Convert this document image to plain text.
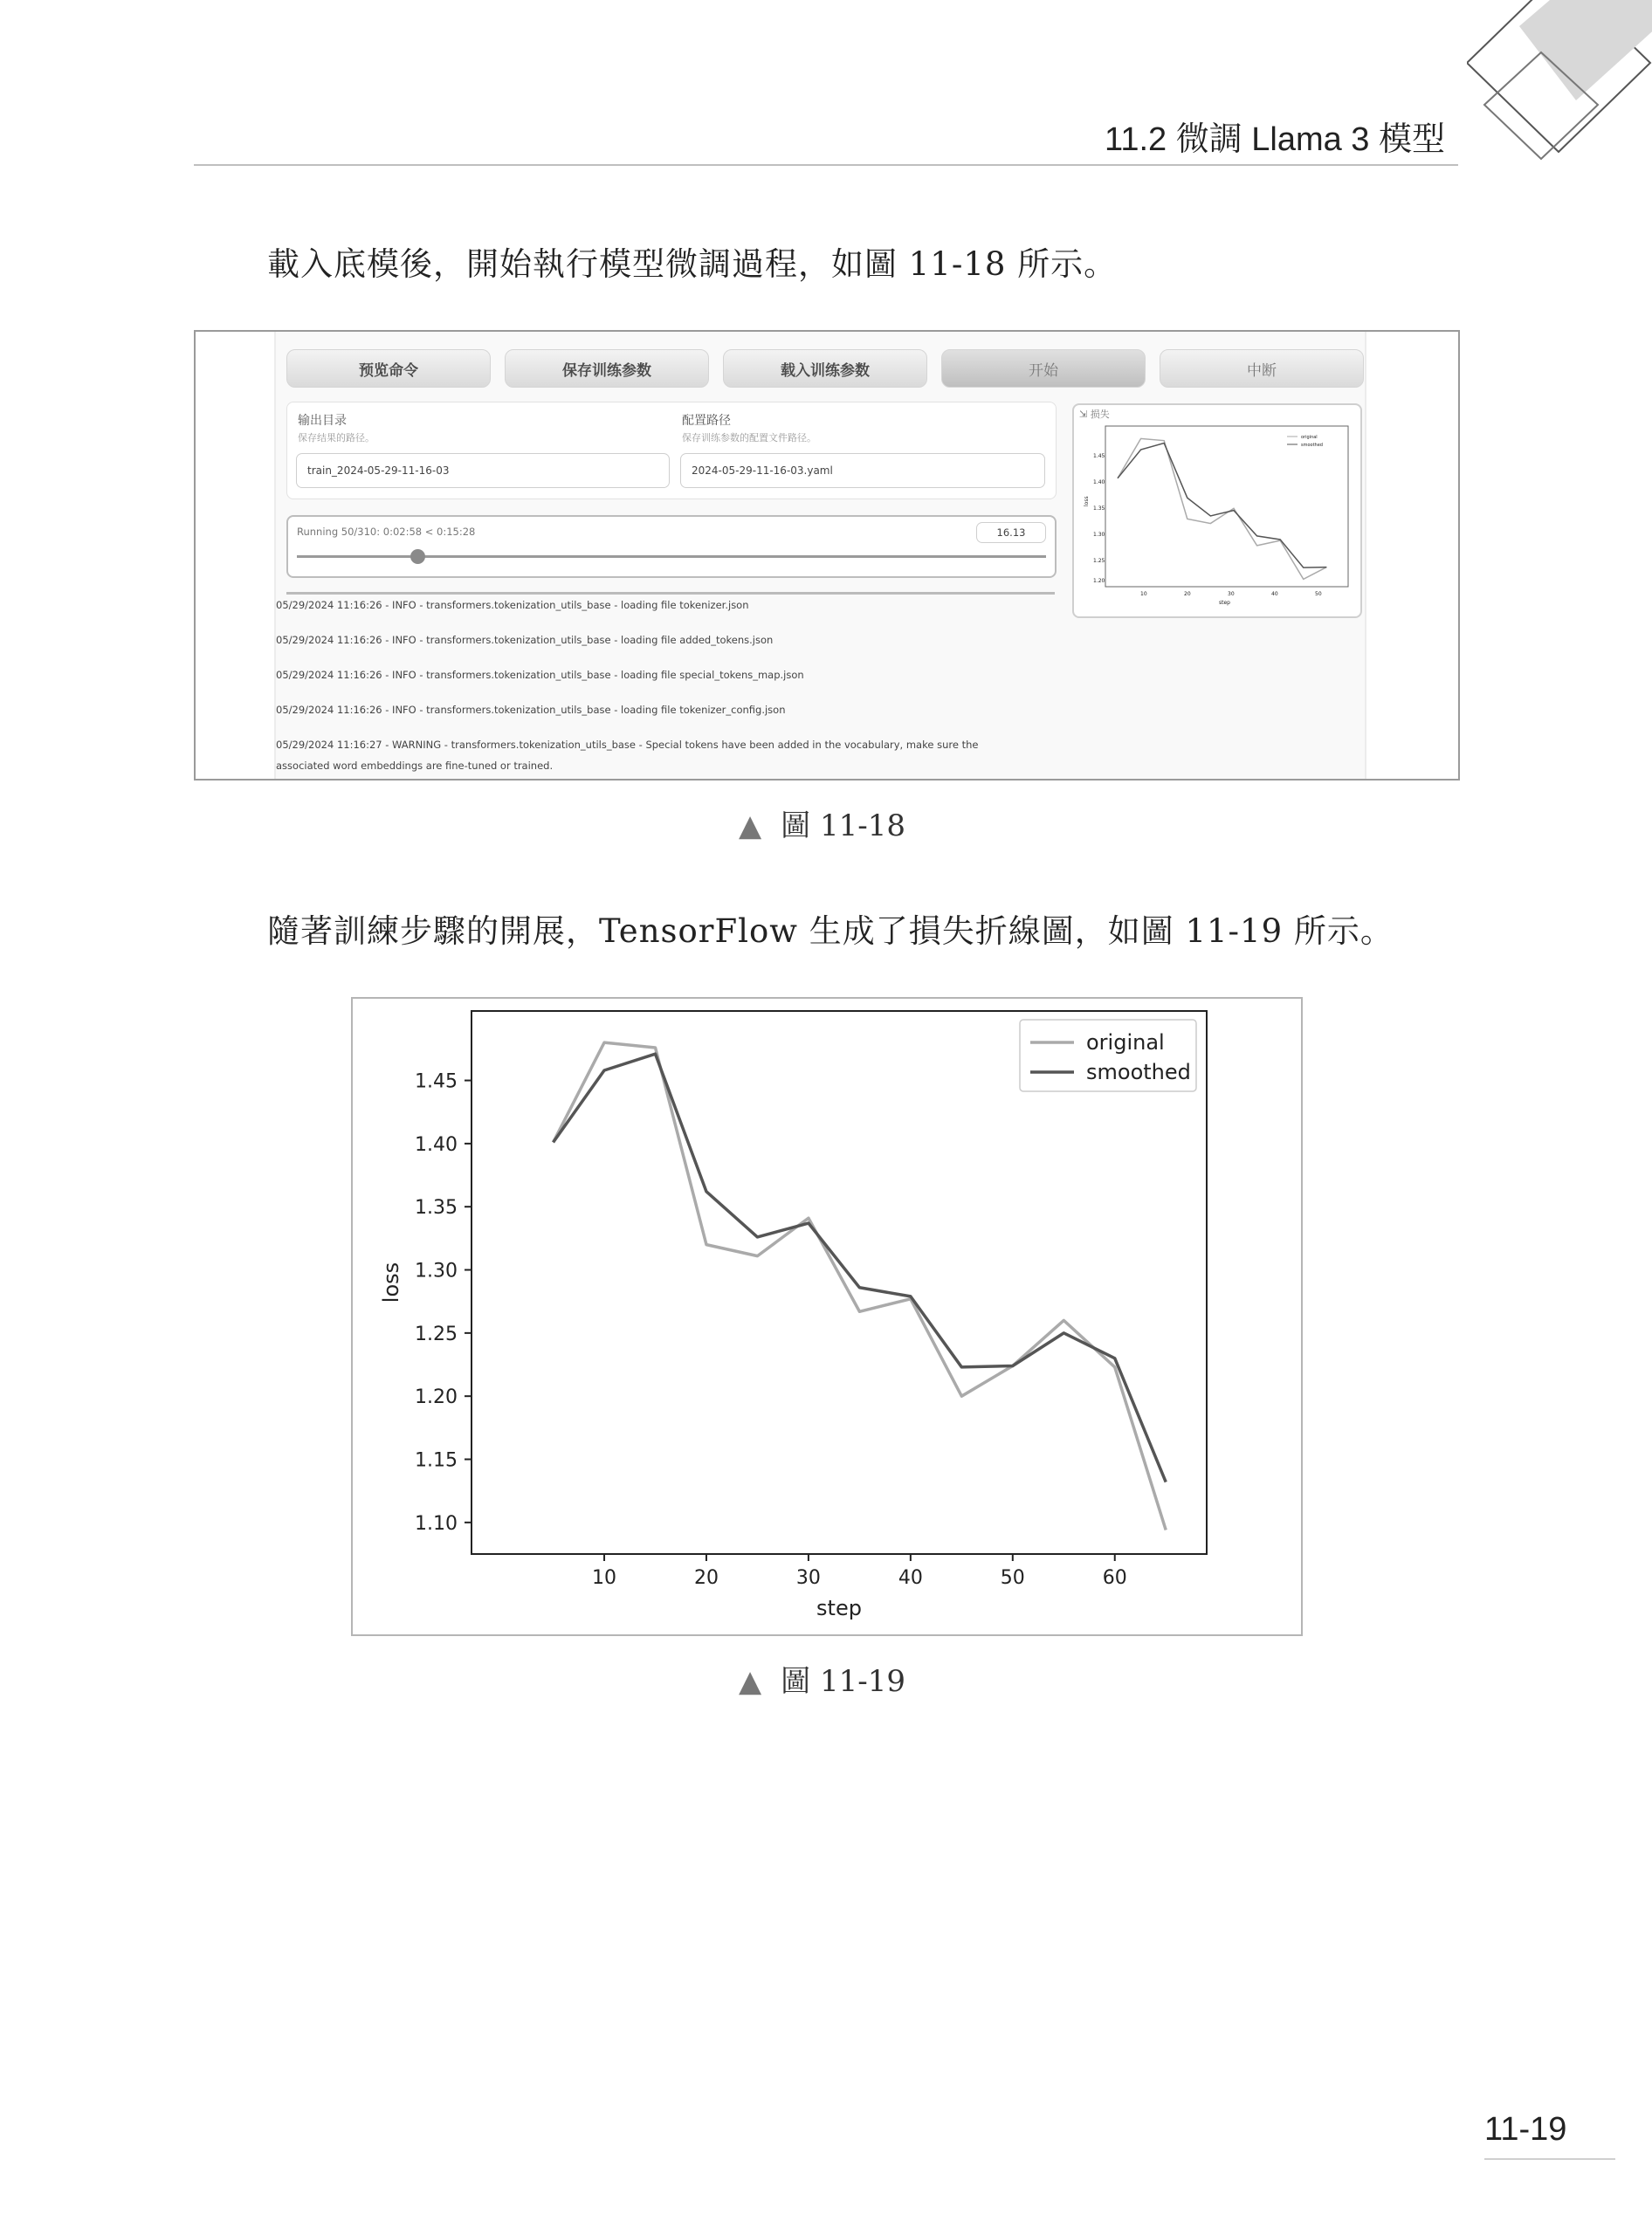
11.2 微調 Llama 3 模型
載入底模後，開始執行模型微調過程，如圖 11-18 所示。
预览命令	保存训练参数	载入训练参数	开始	中断
输出目录
保存结果的路径。
train_2024-05-29-11-16-03
配置路径
保存训练参数的配置文件路径。
2024-05-29-11-16-03.yaml
Running 50/310: 0:02:58 < 0:15:28	16.13
⇲ 损失
loss
1.45
1.40
1.35
1.30
1.25
1.20
10	20	30	40	50
step
original
smoothed
05/29/2024 11:16:26 - INFO - transformers.tokenization_utils_base - loading file tokenizer.json
05/29/2024 11:16:26 - INFO - transformers.tokenization_utils_base - loading file added_tokens.json
05/29/2024 11:16:26 - INFO - transformers.tokenization_utils_base - loading file special_tokens_map.json
05/29/2024 11:16:26 - INFO - transformers.tokenization_utils_base - loading file tokenizer_config.json
05/29/2024 11:16:27 - WARNING - transformers.tokenization_utils_base - Special tokens have been added in the vocabulary, make sure the
associated word embeddings are fine-tuned or trained.
▲ 圖 11-18
隨著訓練步驟的開展，TensorFlow 生成了損失折線圖，如圖 11-19 所示。
1.10
1.15
1.20
1.25
1.30
1.35
1.40
1.45
10	20	30	40	50	60
step
loss
original
smoothed
▲ 圖 11-19
11-19
